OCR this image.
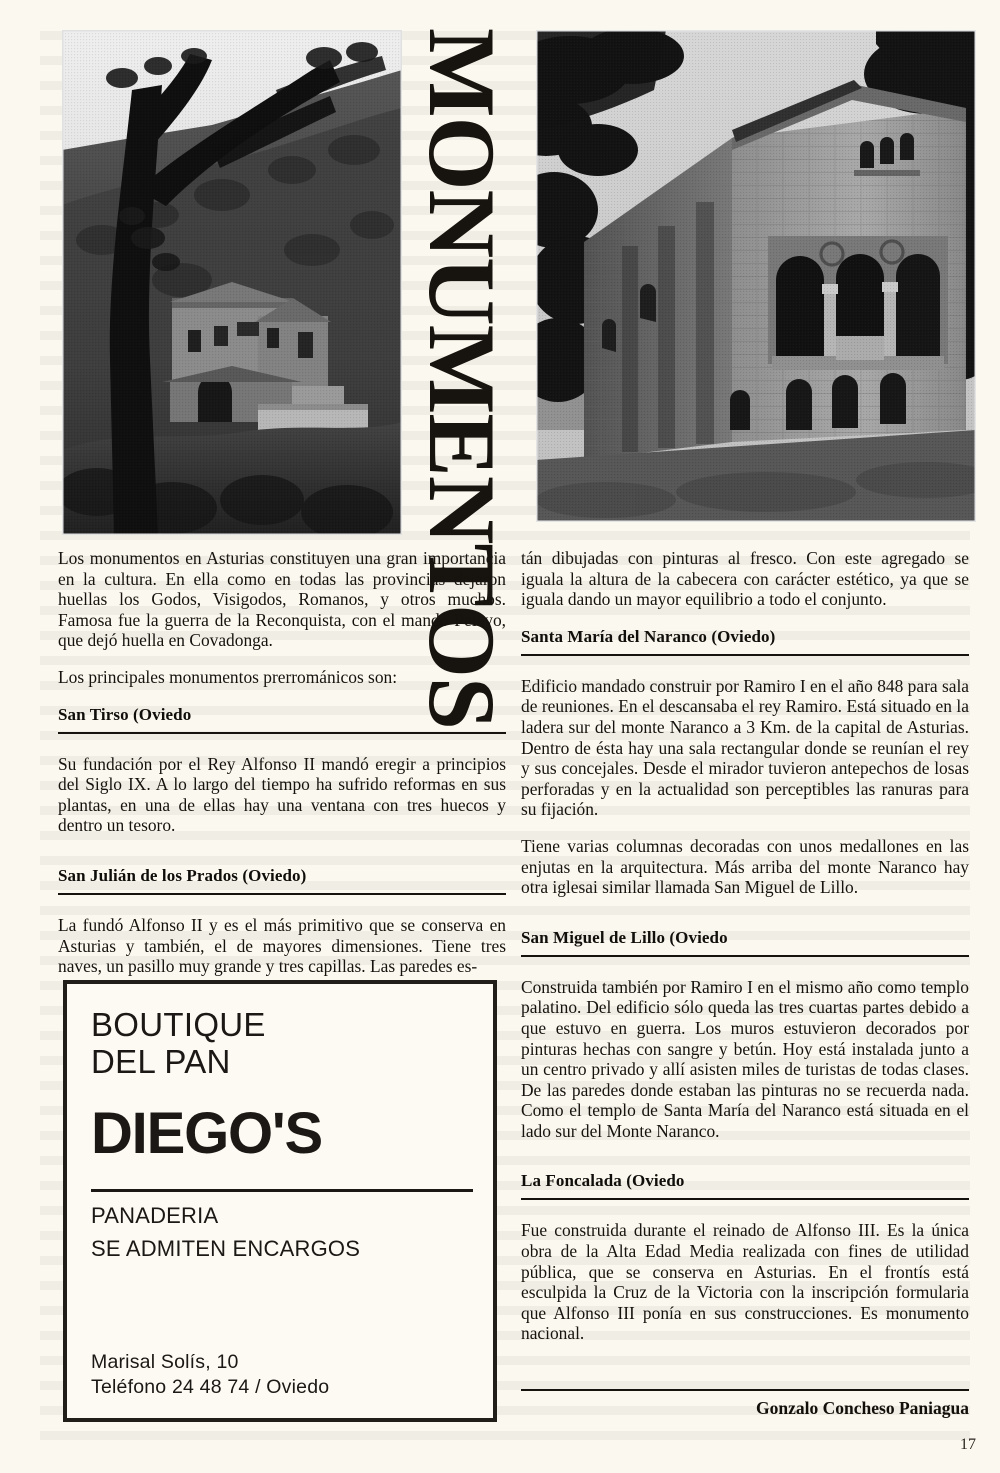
MONUMENTOS

Los monumentos en Asturias constituyen una gran importancia en la cultura. En ella como en todas las provincias dejaron huellas los Godos, Visigodos, Romanos, y otros muchos. Famosa fue la guerra de la Reconquista, con el mando Pelayo, que dejó huella en Covadonga.

Los principales monumentos prerrománicos son:

San Tirso (Oviedo

Su fundación por el Rey Alfonso II mandó eregir a principios del Siglo IX. A lo largo del tiempo ha sufrido reformas en sus plantas, en una de ellas hay una ventana con tres huecos y dentro un tesoro.

San Julián de los Prados (Oviedo)

La fundó Alfonso II y es el más primitivo que se conserva en Asturias y también, el de mayores dimensiones. Tiene tres naves, un pasillo muy grande y tres capillas. Las paredes es-

tán dibujadas con pinturas al fresco. Con este agregado se iguala la altura de la cabecera con carácter estético, ya que se iguala dando un mayor equilibrio a todo el conjunto.

Santa María del Naranco (Oviedo)

Edificio mandado construir por Ramiro I en el año 848 para sala de reuniones. En el descansaba el rey Ramiro. Está situado en la ladera sur del monte Naranco a 3 Km. de la capital de Asturias. Dentro de ésta hay una sala rectangular donde se reunían el rey y sus concejales. Desde el mirador tuvieron antepechos de losas perforadas y en la actualidad son perceptibles las ranuras para su fijación.

Tiene varias columnas decoradas con unos medallones en las enjutas en la arquitectura. Más arriba del monte Naranco hay otra iglesai similar llamada San Miguel de Lillo.

San Miguel de Lillo (Oviedo

Construida también por Ramiro I en el mismo año como templo palatino. Del edificio sólo queda las tres cuartas partes debido a que estuvo en guerra. Los muros estuvieron decorados por pinturas hechas con sangre y betún. Hoy está instalada junto a un centro privado y allí asisten miles de turistas de todas clases. De las paredes donde estaban las pinturas no se recuerda nada. Como el templo de Santa María del Naranco está situada en el lado sur del Monte Naranco.

La Foncalada (Oviedo

Fue construida durante el reinado de Alfonso III. Es la única obra de la Alta Edad Media realizada con fines de utilidad pública, que se conserva en Asturias. En el frontís está esculpida la Cruz de la Victoria con la inscripción formularia que Alfonso III ponía en sus construcciones. Es monumento nacional.

BOUTIQUE
DEL PAN
DIEGO'S
PANADERIA
SE ADMITEN ENCARGOS
Marisal Solís, 10
Teléfono 24 48 74 / Oviedo
Gonzalo Concheso Paniagua
17
